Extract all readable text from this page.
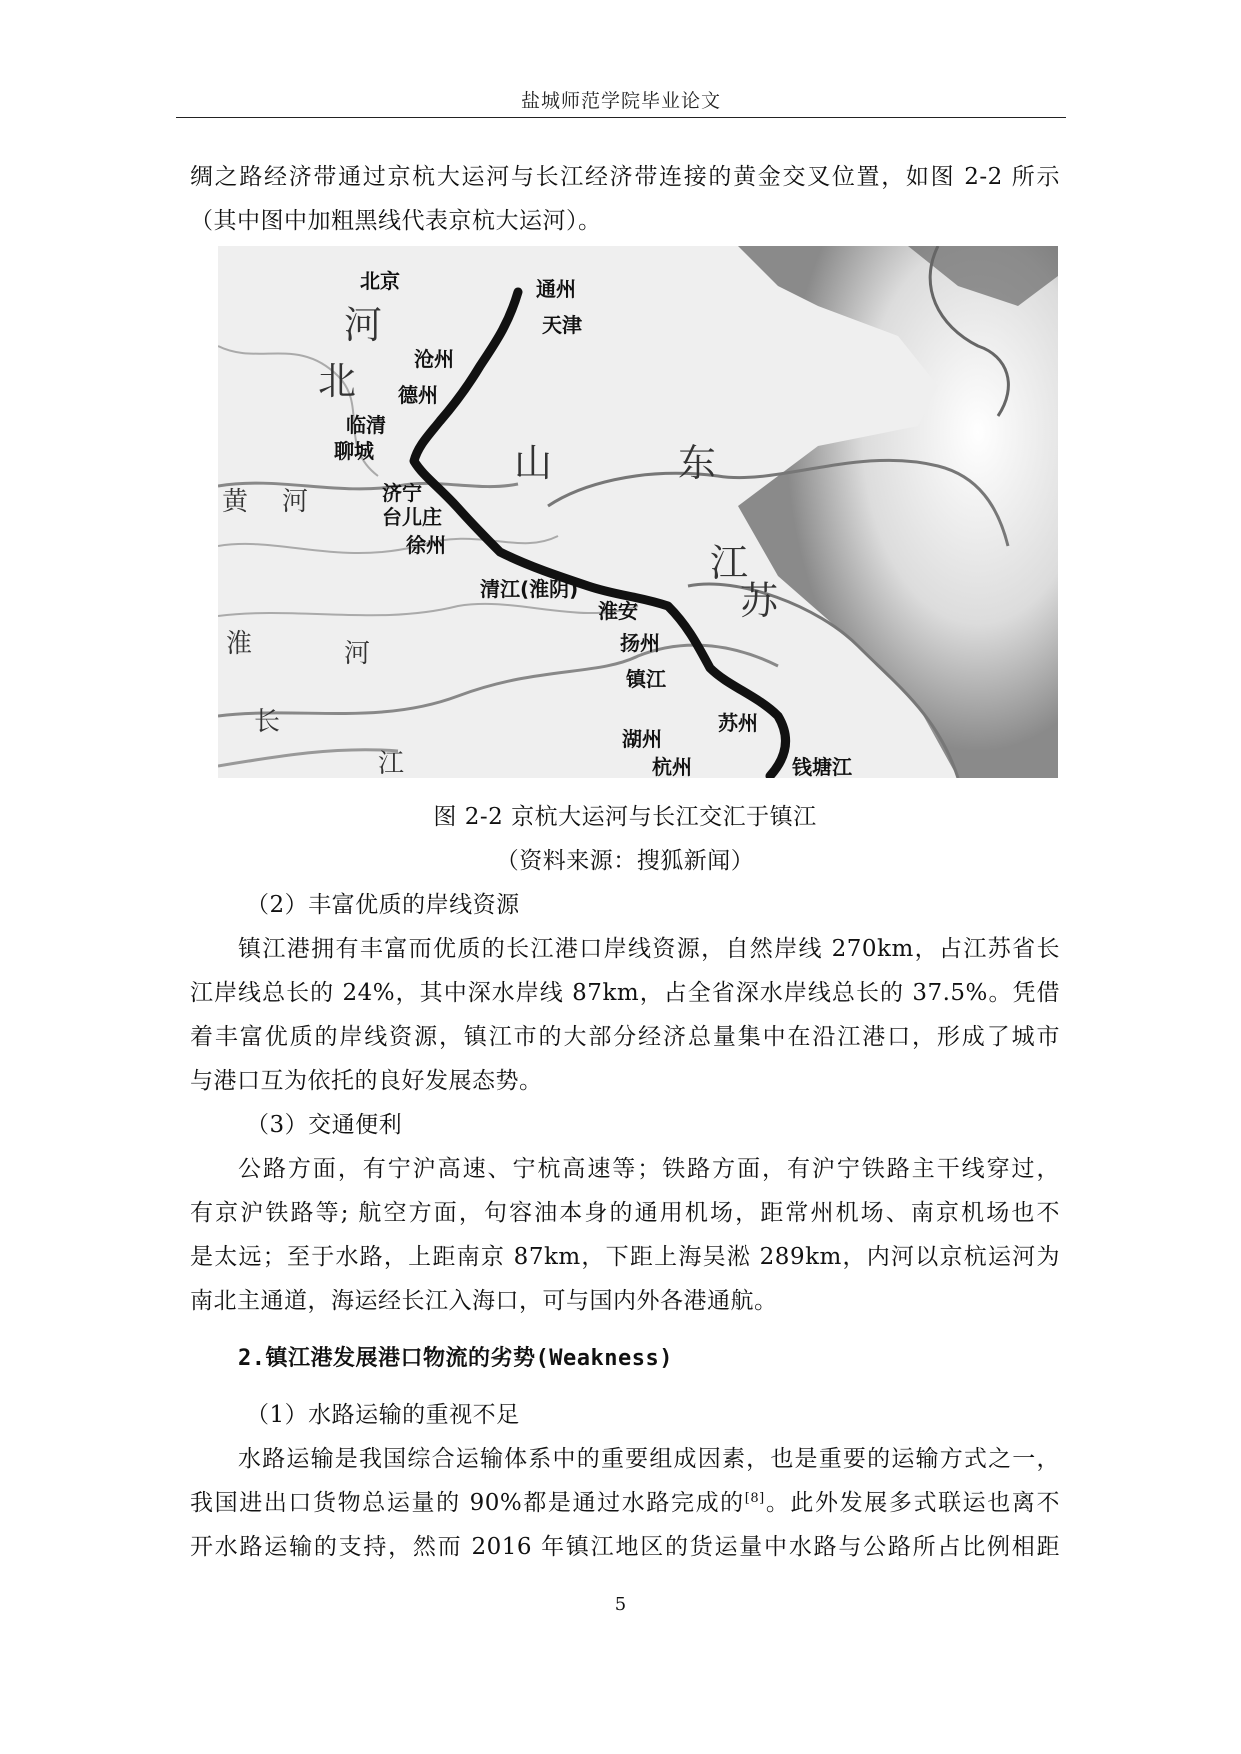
盐城师范学院毕业论文
绸之路经济带通过京杭大运河与长江经济带连接的黄金交叉位置，如图 2-2 所示
（其中图中加粗黑线代表京杭大运河）。
北京	通州
天津
沧州
德州
临清
聊城
济宁
台儿庄
徐州
清江(淮阴)
淮安
扬州
镇江
苏州
湖州
杭州	钱塘江
河
北
山	东
江
苏
黄 河
淮	河
长
江
图 2-2 京杭大运河与长江交汇于镇江
（资料来源：搜狐新闻）
（2）丰富优质的岸线资源
镇江港拥有丰富而优质的长江港口岸线资源，自然岸线 270km，占江苏省长
江岸线总长的 24%，其中深水岸线 87km，占全省深水岸线总长的 37.5%。凭借
着丰富优质的岸线资源，镇江市的大部分经济总量集中在沿江港口，形成了城市
与港口互为依托的良好发展态势。
（3）交通便利
公路方面，有宁沪高速、宁杭高速等；铁路方面，有沪宁铁路主干线穿过，
有京沪铁路等; 航空方面，句容油本身的通用机场，距常州机场、南京机场也不
是太远；至于水路，上距南京 87km，下距上海吴淞 289km，内河以京杭运河为
南北主通道，海运经长江入海口，可与国内外各港通航。
2.镇江港发展港口物流的劣势(Weakness)
（1）水路运输的重视不足
水路运输是我国综合运输体系中的重要组成因素，也是重要的运输方式之一，
我国进出口货物总运量的 90%都是通过水路完成的[8]。此外发展多式联运也离不
开水路运输的支持，然而 2016 年镇江地区的货运量中水路与公路所占比例相距
5
